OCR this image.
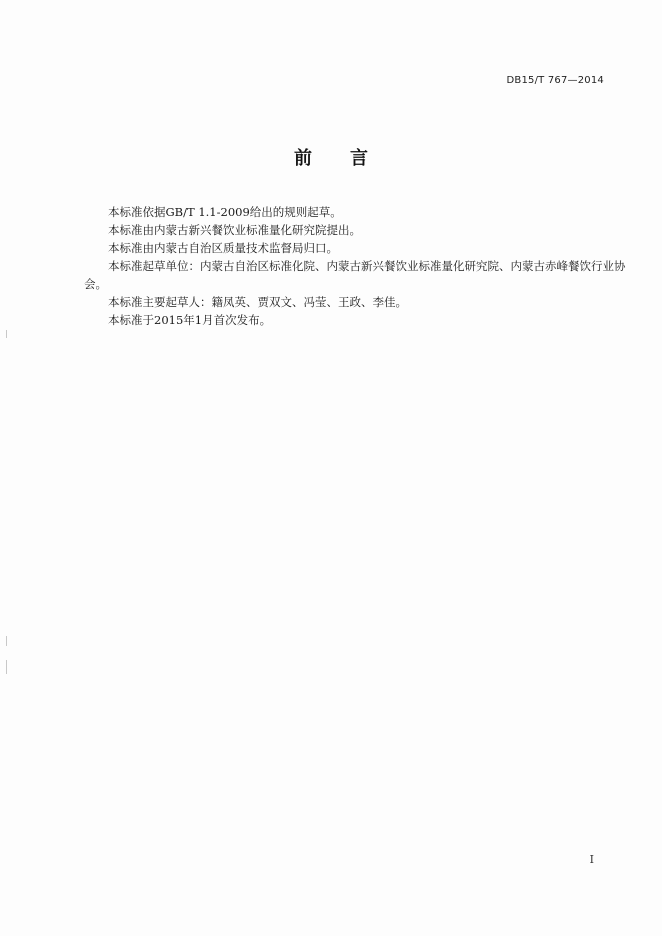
DB15/T 767—2014
前 言

本标准依据GB/T 1.1-2009给出的规则起草。

本标准由内蒙古新兴餐饮业标准量化研究院提出。

本标准由内蒙古自治区质量技术监督局归口。

本标准起草单位：内蒙古自治区标准化院、内蒙古新兴餐饮业标准量化研究院、内蒙古赤峰餐饮行业协会。

本标准主要起草人：籍凤英、贾双文、冯莹、王政、李佳。

本标准于2015年1月首次发布。

I
